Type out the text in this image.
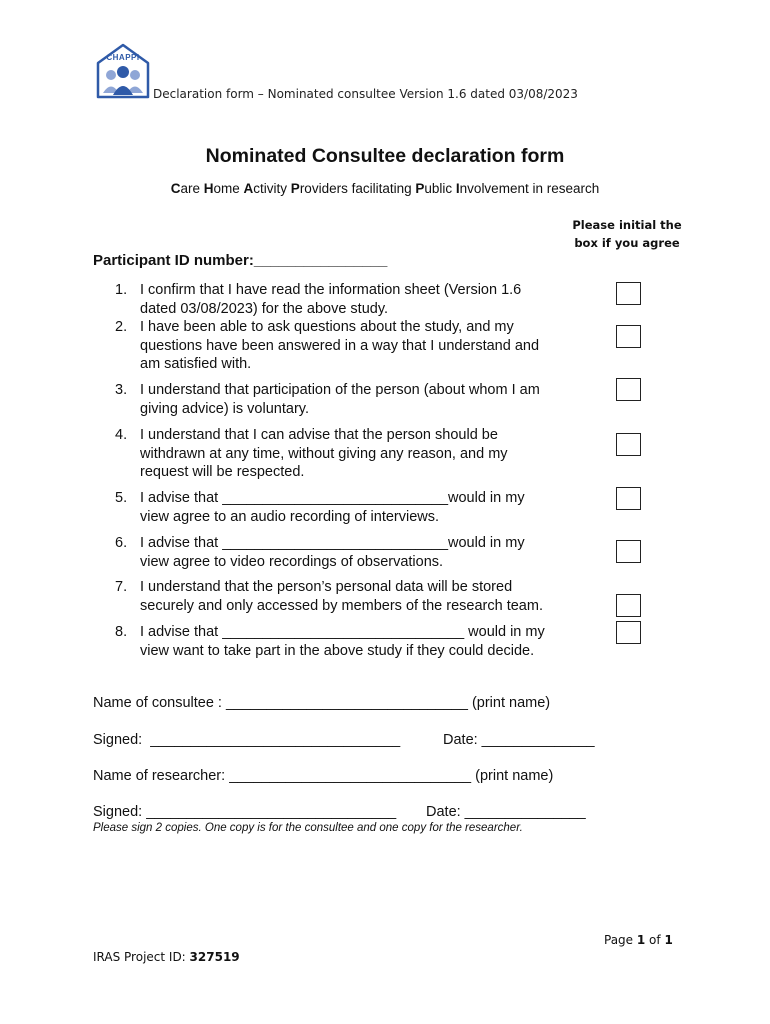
CHAPPI
Declaration form – Nominated consultee Version 1.6 dated 03/08/2023
Nominated Consultee declaration form
Care Home Activity Providers facilitating Public Involvement in research
Please initial the
box if you agree
Participant ID number:________________
1. I confirm that I have read the information sheet (Version 1.6
dated 03/08/2023) for the above study.
2. I have been able to ask questions about the study, and my
questions have been answered in a way that I understand and
am satisfied with.
3. I understand that participation of the person (about whom I am
giving advice) is voluntary.
4. I understand that I can advise that the person should be
withdrawn at any time, without giving any reason, and my
request will be respected.
5. I advise that ____________________________would in my
view agree to an audio recording of interviews.
6. I advise that ____________________________would in my
view agree to video recordings of observations.
7. I understand that the person’s personal data will be stored
securely and only accessed by members of the research team.
8. I advise that ______________________________ would in my
view want to take part in the above study if they could decide.
Name of consultee : ______________________________ (print name)
Signed:  _______________________________	Date: ______________
Name of researcher: ______________________________ (print name)
Signed: _______________________________ Date: _______________
Please sign 2 copies. One copy is for the consultee and one copy for the researcher.
Page 1 of 1
IRAS Project ID: 327519
